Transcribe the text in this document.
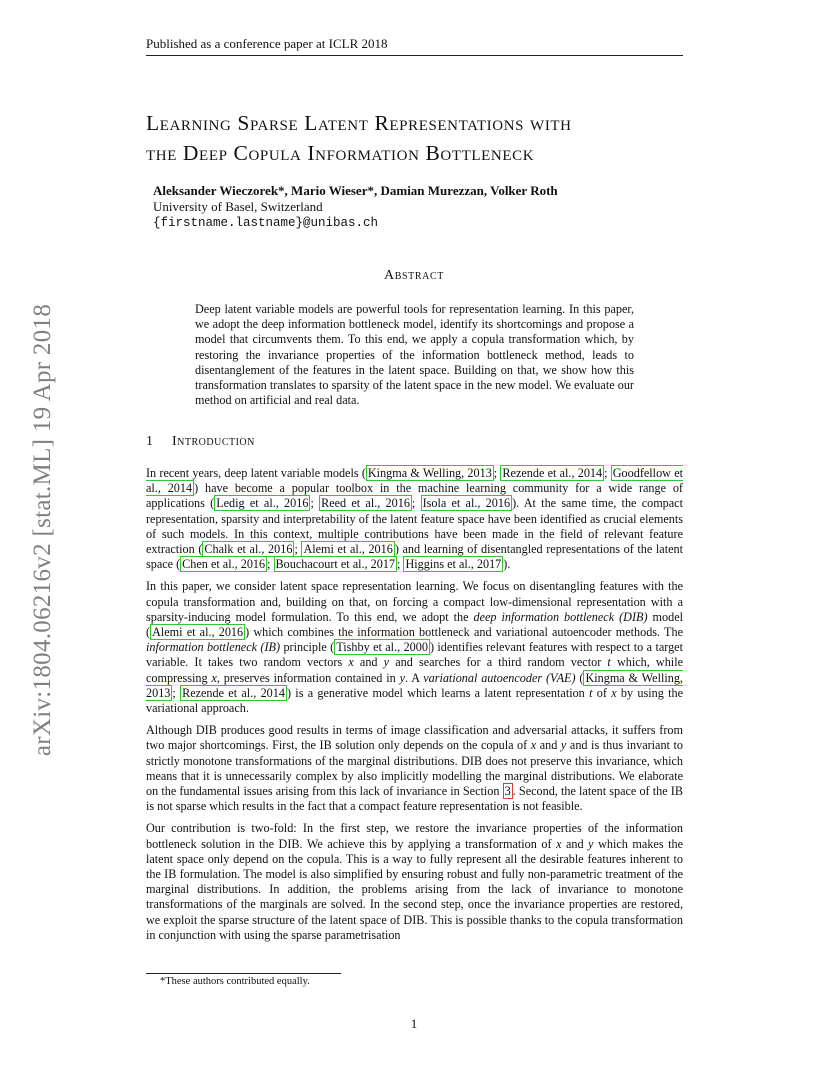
Published as a conference paper at ICLR 2018
arXiv:1804.06216v2 [stat.ML] 19 Apr 2018
Learning Sparse Latent Representations with
the Deep Copula Information Bottleneck
Aleksander Wieczorek*, Mario Wieser*, Damian Murezzan, Volker Roth
University of Basel, Switzerland
{firstname.lastname}@unibas.ch
Abstract
Deep latent variable models are powerful tools for representation learning. In this paper, we adopt the deep information bottleneck model, identify its shortcomings and propose a model that circumvents them. To this end, we apply a copula transformation which, by restoring the invariance properties of the information bottleneck method, leads to disentanglement of the features in the latent space. Building on that, we show how this transformation translates to sparsity of the latent space in the new model. We evaluate our method on artificial and real data.
1 Introduction

In recent years, deep latent variable models ( Kingma & Welling, 2013 ; Rezende et al., 2014 ; Goodfellow et al., 2014 ) have become a popular toolbox in the machine learning community for a wide range of applications ( Ledig et al., 2016 ; Reed et al., 2016 ; Isola et al., 2016 ). At the same time, the compact representation, sparsity and interpretability of the latent feature space have been identified as crucial elements of such models. In this context, multiple contributions have been made in the field of relevant feature extraction ( Chalk et al., 2016 ; Alemi et al., 2016 ) and learning of disentangled representations of the latent space ( Chen et al., 2016 ; Bouchacourt et al., 2017 ; Higgins et al., 2017 ).

In this paper, we consider latent space representation learning. We focus on disentangling features with the copula transformation and, building on that, on forcing a compact low-dimensional representation with a sparsity-inducing model formulation. To this end, we adopt the deep information bottleneck (DIB) model ( Alemi et al., 2016 ) which combines the information bottleneck and variational autoencoder methods. The information bottleneck (IB) principle ( Tishby et al., 2000 ) identifies relevant features with respect to a target variable. It takes two random vectors x and y and searches for a third random vector t which, while compressing x, preserves information contained in y. A variational autoencoder (VAE) ( Kingma & Welling, 2013 ; Rezende et al., 2014 ) is a generative model which learns a latent representation t of x by using the variational approach.

Although DIB produces good results in terms of image classification and adversarial attacks, it suffers from two major shortcomings. First, the IB solution only depends on the copula of x and y and is thus invariant to strictly monotone transformations of the marginal distributions. DIB does not preserve this invariance, which means that it is unnecessarily complex by also implicitly modelling the marginal distributions. We elaborate on the fundamental issues arising from this lack of invariance in Section 3 . Second, the latent space of the IB is not sparse which results in the fact that a compact feature representation is not feasible.

Our contribution is two-fold: In the first step, we restore the invariance properties of the information bottleneck solution in the DIB. We achieve this by applying a transformation of x and y which makes the latent space only depend on the copula. This is a way to fully represent all the desirable features inherent to the IB formulation. The model is also simplified by ensuring robust and fully non-parametric treatment of the marginal distributions. In addition, the problems arising from the lack of invariance to monotone transformations of the marginals are solved. In the second step, once the invariance properties are restored, we exploit the sparse structure of the latent space of DIB. This is possible thanks to the copula transformation in conjunction with using the sparse parametrisation

*These authors contributed equally.
1
